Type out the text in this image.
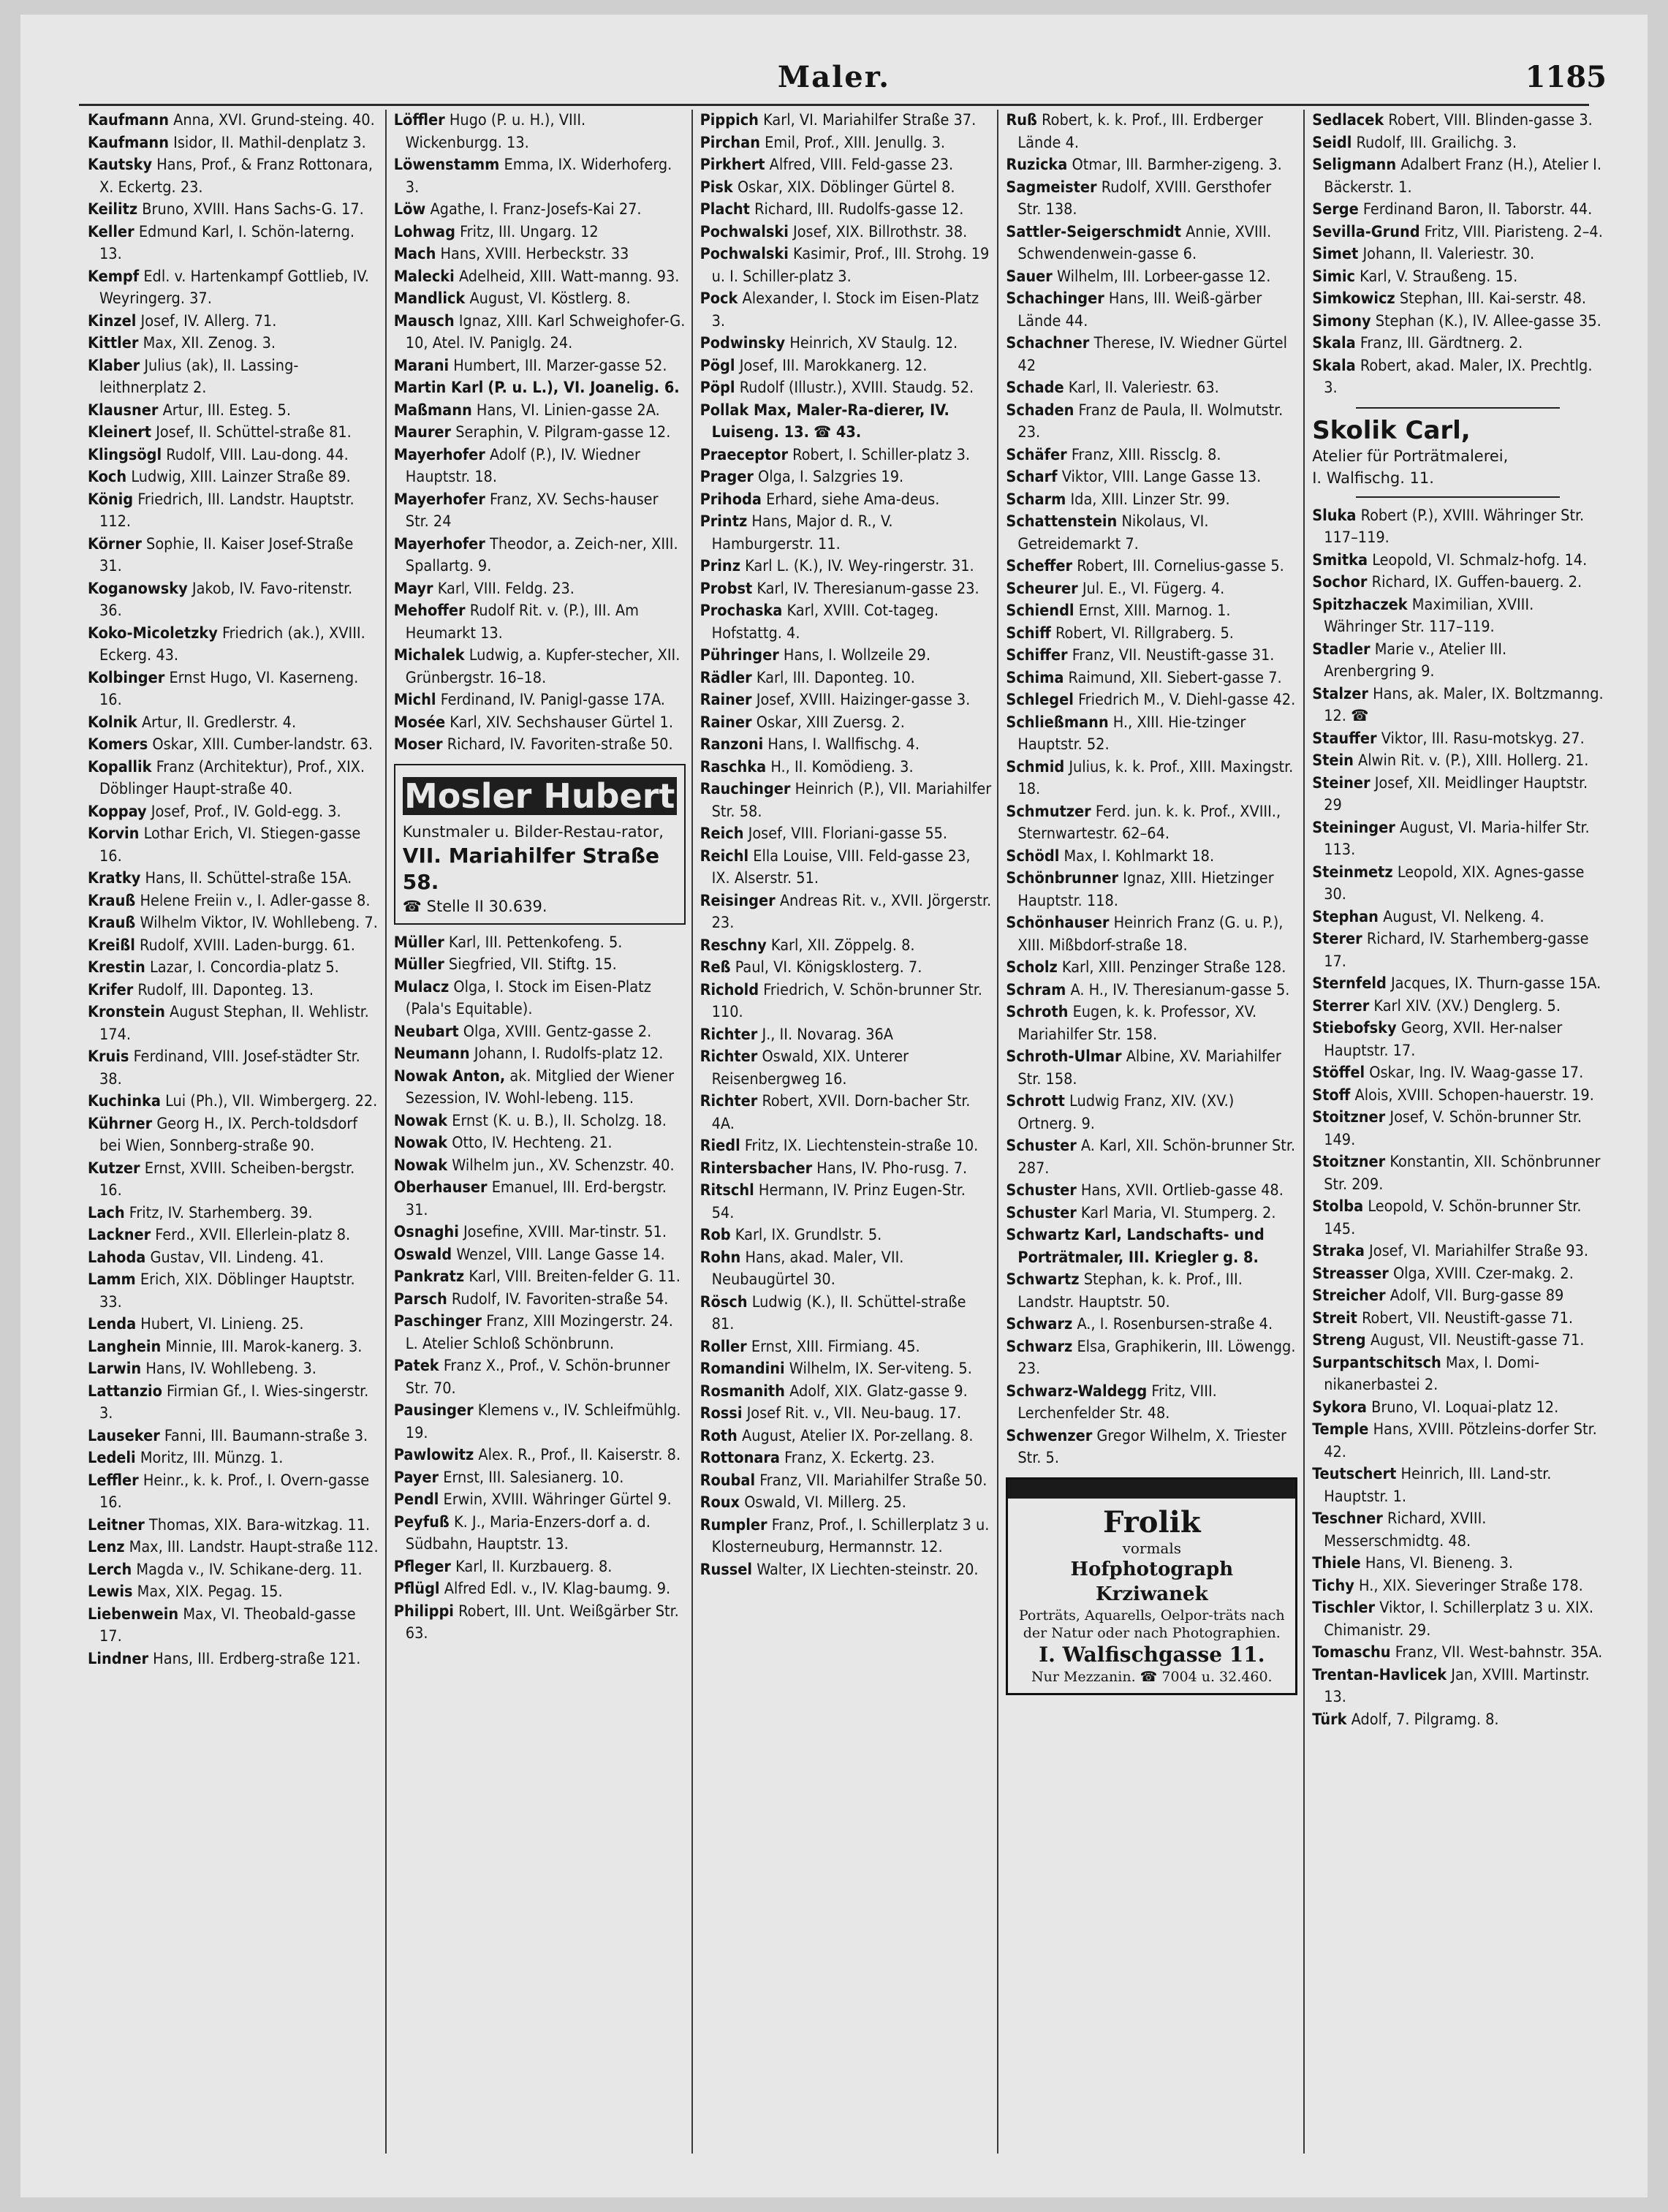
Maler.	1185
Kaufmann Anna, XVI. Grund-steing. 40.
Kaufmann Isidor, II. Mathil-denplatz 3.
Kautsky Hans, Prof., & Franz Rottonara, X. Eckertg. 23.
Keilitz Bruno, XVIII. Hans Sachs-G. 17.
Keller Edmund Karl, I. Schön-laterng. 13.
Kempf Edl. v. Hartenkampf Gottlieb, IV. Weyringerg. 37.
Kinzel Josef, IV. Allerg. 71.
Kittler Max, XII. Zenog. 3.
Klaber Julius (ak), II. Lassing-leithnerplatz 2.
Klausner Artur, III. Esteg. 5.
Kleinert Josef, II. Schüttel-straße 81.
Klingsögl Rudolf, VIII. Lau-dong. 44.
Koch Ludwig, XIII. Lainzer Straße 89.
König Friedrich, III. Landstr. Hauptstr. 112.
Körner Sophie, II. Kaiser Josef-Straße 31.
Koganowsky Jakob, IV. Favo-ritenstr. 36.
Koko-Micoletzky Friedrich (ak.), XVIII. Eckerg. 43.
Kolbinger Ernst Hugo, VI. Kaserneng. 16.
Kolnik Artur, II. Gredlerstr. 4.
Komers Oskar, XIII. Cumber-landstr. 63.
Kopallik Franz (Architektur), Prof., XIX. Döblinger Haupt-straße 40.
Koppay Josef, Prof., IV. Gold-egg. 3.
Korvin Lothar Erich, VI. Stiegen-gasse 16.
Kratky Hans, II. Schüttel-straße 15A.
Krauß Helene Freiin v., I. Adler-gasse 8.
Krauß Wilhelm Viktor, IV. Wohllebeng. 7.
Kreißl Rudolf, XVIII. Laden-burgg. 61.
Krestin Lazar, I. Concordia-platz 5.
Krifer Rudolf, III. Daponteg. 13.
Kronstein August Stephan, II. Wehlistr. 174.
Kruis Ferdinand, VIII. Josef-städter Str. 38.
Kuchinka Lui (Ph.), VII. Wimbergerg. 22.
Kührner Georg H., IX. Perch-toldsdorf bei Wien, Sonnberg-straße 90.
Kutzer Ernst, XVIII. Scheiben-bergstr. 16.
Lach Fritz, IV. Starhemberg. 39.
Lackner Ferd., XVII. Ellerlein-platz 8.
Lahoda Gustav, VII. Lindeng. 41.
Lamm Erich, XIX. Döblinger Hauptstr. 33.
Lenda Hubert, VI. Linieng. 25.
Langhein Minnie, III. Marok-kanerg. 3.
Larwin Hans, IV. Wohllebeng. 3.
Lattanzio Firmian Gf., I. Wies-singerstr. 3.
Lauseker Fanni, III. Baumann-straße 3.
Ledeli Moritz, III. Münzg. 1.
Leffler Heinr., k. k. Prof., I. Overn-gasse 16.
Leitner Thomas, XIX. Bara-witzkag. 11.
Lenz Max, III. Landstr. Haupt-straße 112.
Lerch Magda v., IV. Schikane-derg. 11.
Lewis Max, XIX. Pegag. 15.
Liebenwein Max, VI. Theobald-gasse 17.
Lindner Hans, III. Erdberg-straße 121.
Löffler Hugo (P. u. H.), VIII. Wickenburgg. 13.
Löwenstamm Emma, IX. Widerhoferg. 3.
Löw Agathe, I. Franz-Josefs-Kai 27.
Lohwag Fritz, III. Ungarg. 12
Mach Hans, XVIII. Herbeckstr. 33
Malecki Adelheid, XIII. Watt-manng. 93.
Mandlick August, VI. Köstlerg. 8.
Mausch Ignaz, XIII. Karl Schweighofer-G. 10, Atel. IV. Paniglg. 24.
Marani Humbert, III. Marzer-gasse 52.
Martin Karl (P. u. L.), VI. Joanelig. 6.
Maßmann Hans, VI. Linien-gasse 2A.
Maurer Seraphin, V. Pilgram-gasse 12.
Mayerhofer Adolf (P.), IV. Wiedner Hauptstr. 18.
Mayerhofer Franz, XV. Sechs-hauser Str. 24
Mayerhofer Theodor, a. Zeich-ner, XIII. Spallartg. 9.
Mayr Karl, VIII. Feldg. 23.
Mehoffer Rudolf Rit. v. (P.), III. Am Heumarkt 13.
Michalek Ludwig, a. Kupfer-stecher, XII. Grünbergstr. 16–18.
Michl Ferdinand, IV. Panigl-gasse 17A.
Mosée Karl, XIV. Sechshauser Gürtel 1.
Moser Richard, IV. Favoriten-straße 50.
Mosler Hubert
Kunstmaler u. Bilder-Restau-rator,
VII. Mariahilfer Straße 58.
☎ Stelle II 30.639.
Müller Karl, III. Pettenkofeng. 5.
Müller Siegfried, VII. Stiftg. 15.
Mulacz Olga, I. Stock im Eisen-Platz (Pala's Equitable).
Neubart Olga, XVIII. Gentz-gasse 2.
Neumann Johann, I. Rudolfs-platz 12.
Nowak Anton, ak. Mitglied der Wiener Sezession, IV. Wohl-lebeng. 115.
Nowak Ernst (K. u. B.), II. Scholzg. 18.
Nowak Otto, IV. Hechteng. 21.
Nowak Wilhelm jun., XV. Schenzstr. 40.
Oberhauser Emanuel, III. Erd-bergstr. 31.
Osnaghi Josefine, XVIII. Mar-tinstr. 51.
Oswald Wenzel, VIII. Lange Gasse 14.
Pankratz Karl, VIII. Breiten-felder G. 11.
Parsch Rudolf, IV. Favoriten-straße 54.
Paschinger Franz, XIII Mozingerstr. 24. L. Atelier Schloß Schönbrunn.
Patek Franz X., Prof., V. Schön-brunner Str. 70.
Pausinger Klemens v., IV. Schleifmühlg. 19.
Pawlowitz Alex. R., Prof., II. Kaiserstr. 8.
Payer Ernst, III. Salesianerg. 10.
Pendl Erwin, XVIII. Währinger Gürtel 9.
Peyfuß K. J., Maria-Enzers-dorf a. d. Südbahn, Hauptstr. 13.
Pfleger Karl, II. Kurzbauerg. 8.
Pflügl Alfred Edl. v., IV. Klag-baumg. 9.
Philippi Robert, III. Unt. Weißgärber Str. 63.
Pippich Karl, VI. Mariahilfer Straße 37.
Pirchan Emil, Prof., XIII. Jenullg. 3.
Pirkhert Alfred, VIII. Feld-gasse 23.
Pisk Oskar, XIX. Döblinger Gürtel 8.
Placht Richard, III. Rudolfs-gasse 12.
Pochwalski Josef, XIX. Billrothstr. 38.
Pochwalski Kasimir, Prof., III. Strohg. 19 u. I. Schiller-platz 3.
Pock Alexander, I. Stock im Eisen-Platz 3.
Podwinsky Heinrich, XV Staulg. 12.
Pögl Josef, III. Marokkanerg. 12.
Pöpl Rudolf (Illustr.), XVIII. Staudg. 52.
Pollak Max, Maler-Ra-dierer, IV. Luiseng. 13. ☎ 43.
Praeceptor Robert, I. Schiller-platz 3.
Prager Olga, I. Salzgries 19.
Prihoda Erhard, siehe Ama-deus.
Printz Hans, Major d. R., V. Hamburgerstr. 11.
Prinz Karl L. (K.), IV. Wey-ringerstr. 31.
Probst Karl, IV. Theresianum-gasse 23.
Prochaska Karl, XVIII. Cot-tageg. Hofstattg. 4.
Pühringer Hans, I. Wollzeile 29.
Rädler Karl, III. Daponteg. 10.
Rainer Josef, XVIII. Haizinger-gasse 3.
Rainer Oskar, XIII Zuersg. 2.
Ranzoni Hans, I. Wallfischg. 4.
Raschka H., II. Komödieng. 3.
Rauchinger Heinrich (P.), VII. Mariahilfer Str. 58.
Reich Josef, VIII. Floriani-gasse 55.
Reichl Ella Louise, VIII. Feld-gasse 23, IX. Alserstr. 51.
Reisinger Andreas Rit. v., XVII. Jörgerstr. 23.
Reschny Karl, XII. Zöppelg. 8.
Reß Paul, VI. Königsklosterg. 7.
Richold Friedrich, V. Schön-brunner Str. 110.
Richter J., II. Novarag. 36A
Richter Oswald, XIX. Unterer Reisenbergweg 16.
Richter Robert, XVII. Dorn-bacher Str. 4A.
Riedl Fritz, IX. Liechtenstein-straße 10.
Rintersbacher Hans, IV. Pho-rusg. 7.
Ritschl Hermann, IV. Prinz Eugen-Str. 54.
Rob Karl, IX. Grundlstr. 5.
Rohn Hans, akad. Maler, VII. Neubaugürtel 30.
Rösch Ludwig (K.), II. Schüttel-straße 81.
Roller Ernst, XIII. Firmiang. 45.
Romandini Wilhelm, IX. Ser-viteng. 5.
Rosmanith Adolf, XIX. Glatz-gasse 9.
Rossi Josef Rit. v., VII. Neu-baug. 17.
Roth August, Atelier IX. Por-zellang. 8.
Rottonara Franz, X. Eckertg. 23.
Roubal Franz, VII. Mariahilfer Straße 50.
Roux Oswald, VI. Millerg. 25.
Rumpler Franz, Prof., I. Schillerplatz 3 u. Klosterneuburg, Hermannstr. 12.
Russel Walter, IX Liechten-steinstr. 20.
Ruß Robert, k. k. Prof., III. Erdberger Lände 4.
Ruzicka Otmar, III. Barmher-zigeng. 3.
Sagmeister Rudolf, XVIII. Gersthofer Str. 138.
Sattler-Seigerschmidt Annie, XVIII. Schwendenwein-gasse 6.
Sauer Wilhelm, III. Lorbeer-gasse 12.
Schachinger Hans, III. Weiß-gärber Lände 44.
Schachner Therese, IV. Wiedner Gürtel 42
Schade Karl, II. Valeriestr. 63.
Schaden Franz de Paula, II. Wolmutstr. 23.
Schäfer Franz, XIII. Rissclg. 8.
Scharf Viktor, VIII. Lange Gasse 13.
Scharm Ida, XIII. Linzer Str. 99.
Schattenstein Nikolaus, VI. Getreidemarkt 7.
Scheffer Robert, III. Cornelius-gasse 5.
Scheurer Jul. E., VI. Fügerg. 4.
Schiendl Ernst, XIII. Marnog. 1.
Schiff Robert, VI. Rillgraberg. 5.
Schiffer Franz, VII. Neustift-gasse 31.
Schima Raimund, XII. Siebert-gasse 7.
Schlegel Friedrich M., V. Diehl-gasse 42.
Schließmann H., XIII. Hie-tzinger Hauptstr. 52.
Schmid Julius, k. k. Prof., XIII. Maxingstr. 18.
Schmutzer Ferd. jun. k. k. Prof., XVIII., Sternwartestr. 62–64.
Schödl Max, I. Kohlmarkt 18.
Schönbrunner Ignaz, XIII. Hietzinger Hauptstr. 118.
Schönhauser Heinrich Franz (G. u. P.), XIII. Mißbdorf-straße 18.
Scholz Karl, XIII. Penzinger Straße 128.
Schram A. H., IV. Theresianum-gasse 5.
Schroth Eugen, k. k. Professor, XV. Mariahilfer Str. 158.
Schroth-Ulmar Albine, XV. Mariahilfer Str. 158.
Schrott Ludwig Franz, XIV. (XV.) Ortnerg. 9.
Schuster A. Karl, XII. Schön-brunner Str. 287.
Schuster Hans, XVII. Ortlieb-gasse 48.
Schuster Karl Maria, VI. Stumperg. 2.
Schwartz Karl, Landschafts- und Porträtmaler, III. Kriegler g. 8.
Schwartz Stephan, k. k. Prof., III. Landstr. Hauptstr. 50.
Schwarz A., I. Rosenbursen-straße 4.
Schwarz Elsa, Graphikerin, III. Löwengg. 23.
Schwarz-Waldegg Fritz, VIII. Lerchenfelder Str. 48.
Schwenzer Gregor Wilhelm, X. Triester Str. 5.
Frolik
vormals
Hofphotograph Krziwanek
Porträts, Aquarells, Oelpor-träts nach der Natur oder nach Photographien.
I. Walfischgasse 11.
Nur Mezzanin. ☎ 7004 u. 32.460.
Sedlacek Robert, VIII. Blinden-gasse 3.
Seidl Rudolf, III. Grailichg. 3.
Seligmann Adalbert Franz (H.), Atelier I. Bäckerstr. 1.
Serge Ferdinand Baron, II. Taborstr. 44.
Sevilla-Grund Fritz, VIII. Piaristeng. 2–4.
Simet Johann, II. Valeriestr. 30.
Simic Karl, V. Straußeng. 15.
Simkowicz Stephan, III. Kai-serstr. 48.
Simony Stephan (K.), IV. Allee-gasse 35.
Skala Franz, III. Gärdtnerg. 2.
Skala Robert, akad. Maler, IX. Prechtlg. 3.
Skolik Carl,
Atelier für Porträtmalerei,
I. Walfischg. 11.
Sluka Robert (P.), XVIII. Währinger Str. 117–119.
Smitka Leopold, VI. Schmalz-hofg. 14.
Sochor Richard, IX. Guffen-bauerg. 2.
Spitzhaczek Maximilian, XVIII. Währinger Str. 117–119.
Stadler Marie v., Atelier III. Arenbergring 9.
Stalzer Hans, ak. Maler, IX. Boltzmanng. 12. ☎
Stauffer Viktor, III. Rasu-motskyg. 27.
Stein Alwin Rit. v. (P.), XIII. Hollerg. 21.
Steiner Josef, XII. Meidlinger Hauptstr. 29
Steininger August, VI. Maria-hilfer Str. 113.
Steinmetz Leopold, XIX. Agnes-gasse 30.
Stephan August, VI. Nelkeng. 4.
Sterer Richard, IV. Starhemberg-gasse 17.
Sternfeld Jacques, IX. Thurn-gasse 15A.
Sterrer Karl XIV. (XV.) Denglerg. 5.
Stiebofsky Georg, XVII. Her-nalser Hauptstr. 17.
Stöffel Oskar, Ing. IV. Waag-gasse 17.
Stoff Alois, XVIII. Schopen-hauerstr. 19.
Stoitzner Josef, V. Schön-brunner Str. 149.
Stoitzner Konstantin, XII. Schönbrunner Str. 209.
Stolba Leopold, V. Schön-brunner Str. 145.
Straka Josef, VI. Mariahilfer Straße 93.
Streasser Olga, XVIII. Czer-makg. 2.
Streicher Adolf, VII. Burg-gasse 89
Streit Robert, VII. Neustift-gasse 71.
Streng August, VII. Neustift-gasse 71.
Surpantschitsch Max, I. Domi-nikanerbastei 2.
Sykora Bruno, VI. Loquai-platz 12.
Temple Hans, XVIII. Pötzleins-dorfer Str. 42.
Teutschert Heinrich, III. Land-str. Hauptstr. 1.
Teschner Richard, XVIII. Messerschmidtg. 48.
Thiele Hans, VI. Bieneng. 3.
Tichy H., XIX. Sieveringer Straße 178.
Tischler Viktor, I. Schillerplatz 3 u. XIX. Chimanistr. 29.
Tomaschu Franz, VII. West-bahnstr. 35A.
Trentan-Havlicek Jan, XVIII. Martinstr. 13.
Türk Adolf, 7. Pilgramg. 8.
